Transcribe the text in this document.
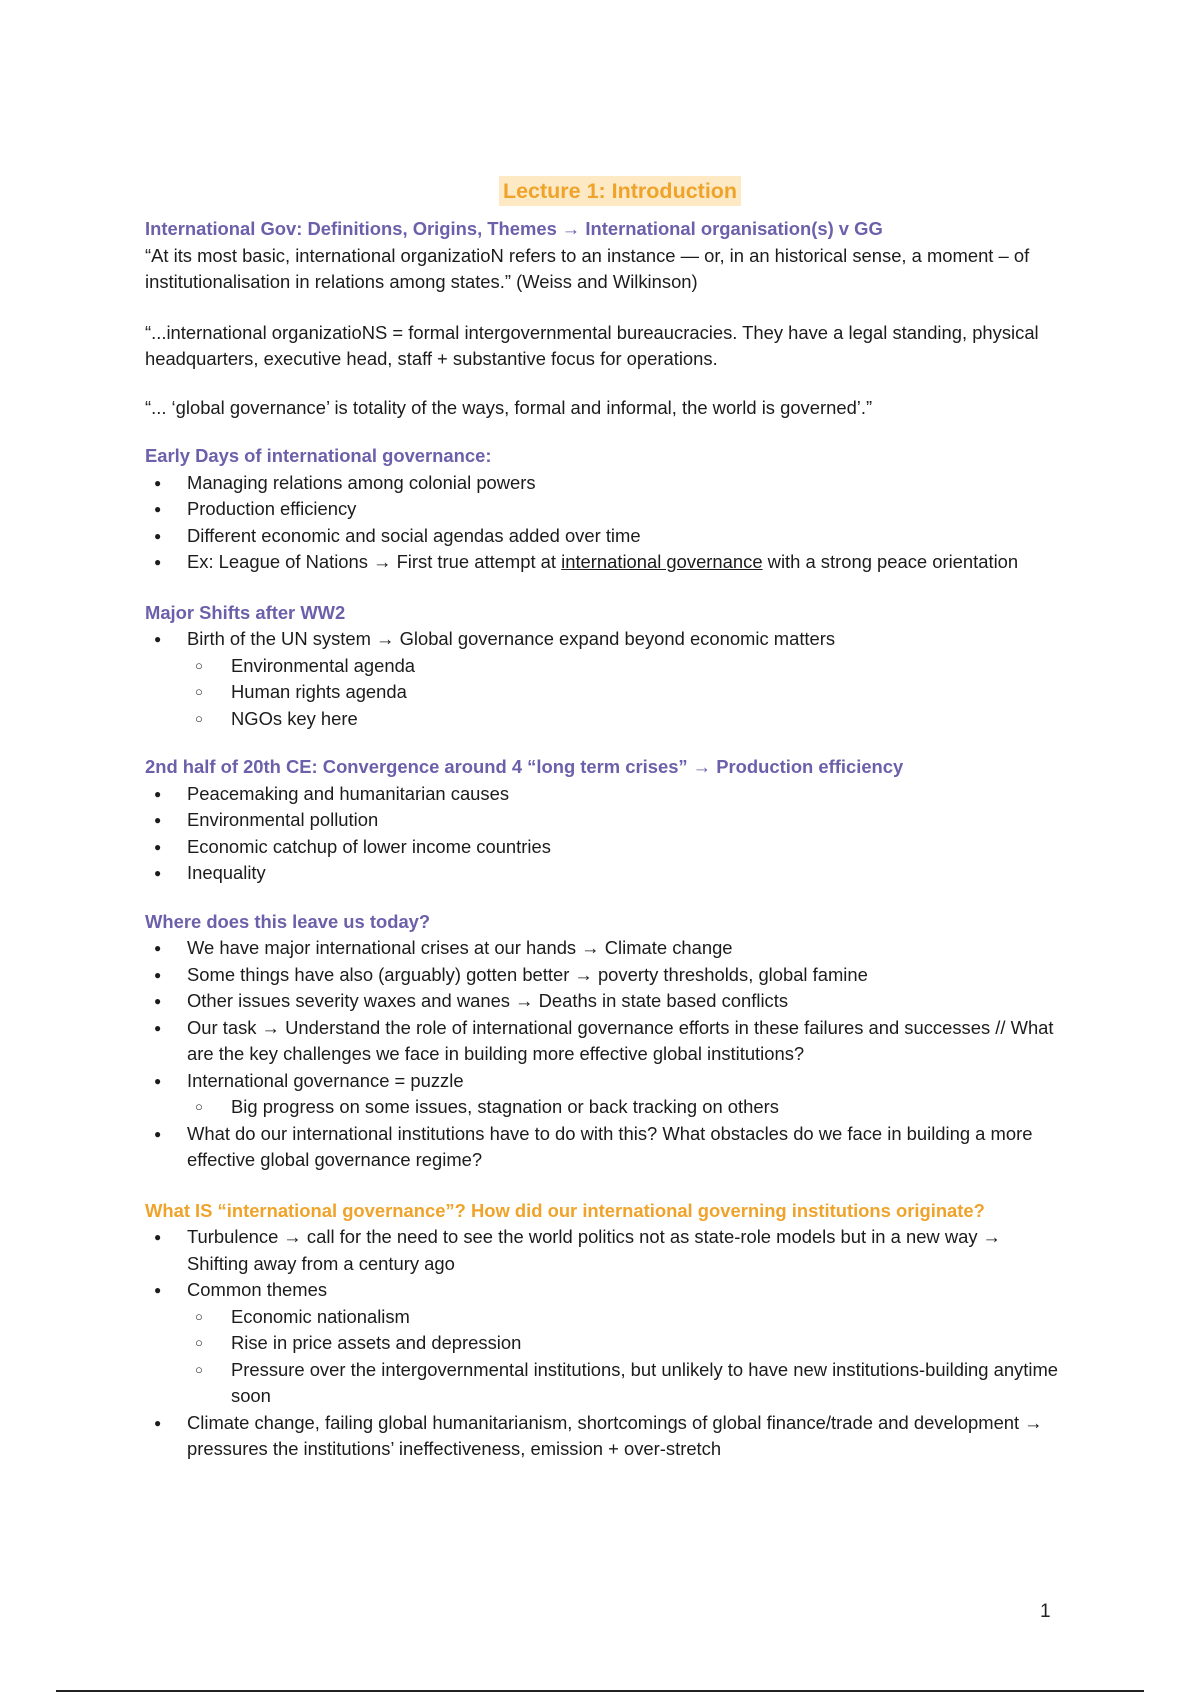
Lecture 1: Introduction
International Gov: Definitions, Origins, Themes → International organisation(s) v GG

“At its most basic, international organizatioN refers to an instance — or, in an historical sense, a moment – of institutionalisation in relations among states.” (Weiss and Wilkinson)

“...international organizatioNS = formal intergovernmental bureaucracies. They have a legal standing, physical headquarters, executive head, staff + substantive focus for operations.

“... ‘global governance’ is totality of the ways, formal and informal, the world is governed’.”

Early Days of international governance:
● Managing relations among colonial powers
● Production efficiency
● Different economic and social agendas added over time
● Ex: League of Nations → First true attempt at international governance with a strong peace orientation
Major Shifts after WW2
● Birth of the UN system → Global governance expand beyond economic matters
○ Environmental agenda
○ Human rights agenda
○ NGOs key here
2nd half of 20th CE: Convergence around 4 “long term crises” → Production efficiency
● Peacemaking and humanitarian causes
● Environmental pollution
● Economic catchup of lower income countries
● Inequality
Where does this leave us today?
● We have major international crises at our hands → Climate change
● Some things have also (arguably) gotten better → poverty thresholds, global famine
● Other issues severity waxes and wanes → Deaths in state based conflicts
● Our task → Understand the role of international governance efforts in these failures and successes // What are the key challenges we face in building more effective global institutions?
● International governance = puzzle
○ Big progress on some issues, stagnation or back tracking on others
● What do our international institutions have to do with this? What obstacles do we face in building a more effective global governance regime?
What IS “international governance”? How did our international governing institutions originate?
● Turbulence → call for the need to see the world politics not as state-role models but in a new way → Shifting away from a century ago
● Common themes
○ Economic nationalism
○ Rise in price assets and depression
○ Pressure over the intergovernmental institutions, but unlikely to have new institutions-building anytime soon
● Climate change, failing global humanitarianism, shortcomings of global finance/trade and development → pressures the institutions’ ineffectiveness, emission + over-stretch
1
